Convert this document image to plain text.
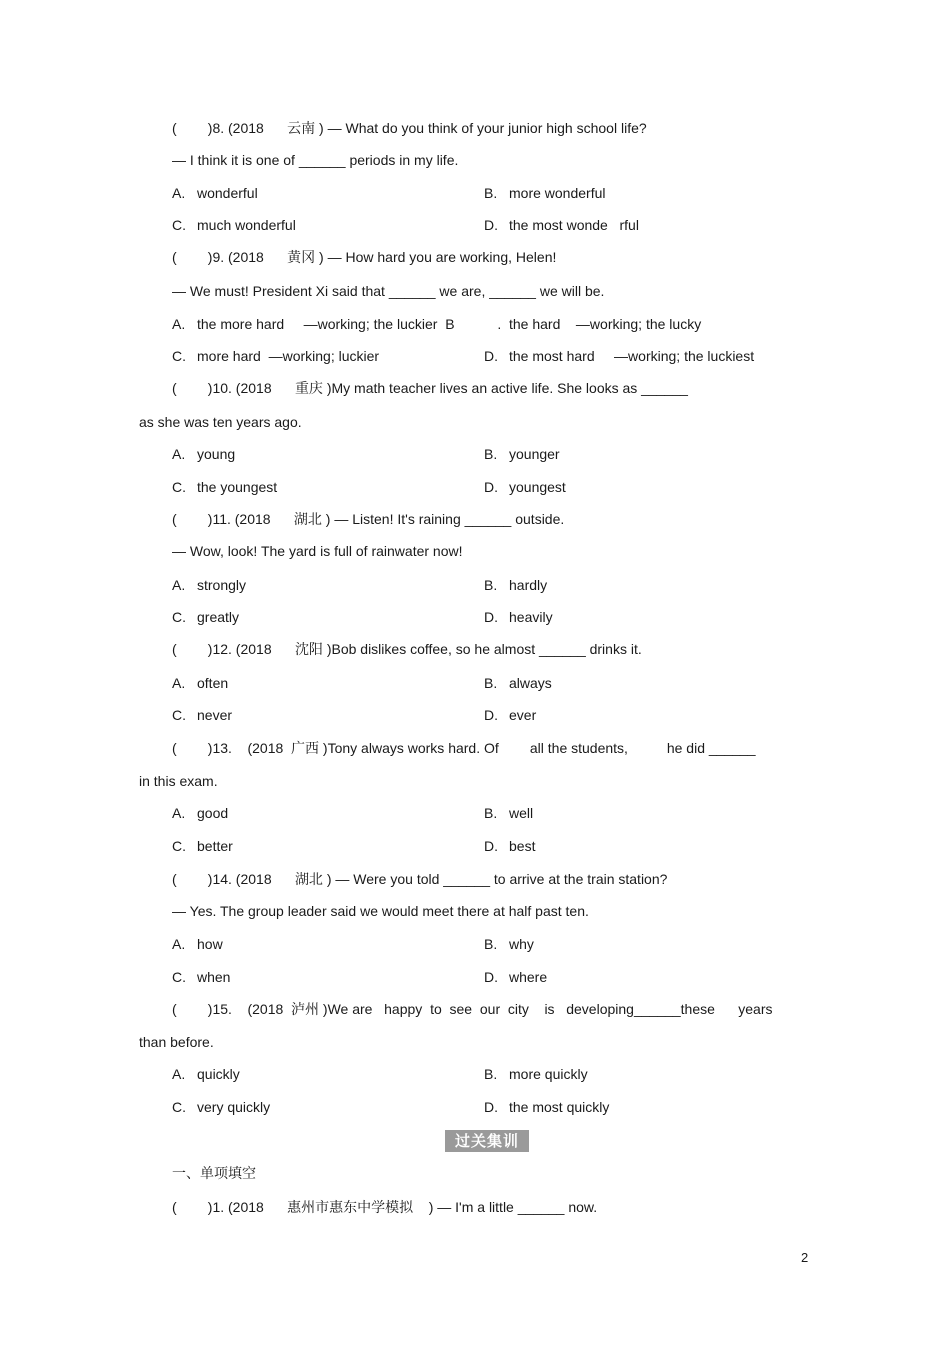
(        )8. (2018      云南 ) — What do you think of your junior high school life?
— I think it is one of ______ periods in my life.
A. wonderful	B. more wonderful
C. much wonderful	D. the most wonde   rful
(        )9. (2018      黄冈 ) — How hard you are working, Helen!
— We must! President Xi said that ______ we are, ______ we will be.
A. the more hard     —working; the luckier  B           .  the hard    —working; the lucky
C. more hard  —working; luckier	D. the most hard     —working; the luckiest
(        )10. (2018      重庆 )My math teacher lives an active life. She looks as ______
as she was ten years ago.
A. young	B. younger
C. the youngest	D. youngest
(        )11. (2018      湖北 ) — Listen! It's raining ______ outside.
— Wow, look! The yard is full of rainwater now!
A. strongly	B. hardly
C. greatly	D. heavily
(        )12. (2018      沈阳 )Bob dislikes coffee, so he almost ______ drinks it.
A. often	B. always
C. never	D. ever
(        )13.    (2018  广西 )Tony always works hard. Of        all the students,          he did ______
in this exam.
A. good	B. well
C. better	D. best
(        )14. (2018      湖北 ) — Were you told ______ to arrive at the train station?
— Yes. The group leader said we would meet there at half past ten.
A. how	B. why
C. when	D. where
(        )15.    (2018  泸州 )We are   happy  to  see  our  city    is   developing______these      years
than before.
A. quickly	B. more quickly
C. very quickly	D. the most quickly
过关集训
一、单项填空
(        )1. (2018      惠州市惠东中学模拟    ) — I'm a little ______ now.
2
